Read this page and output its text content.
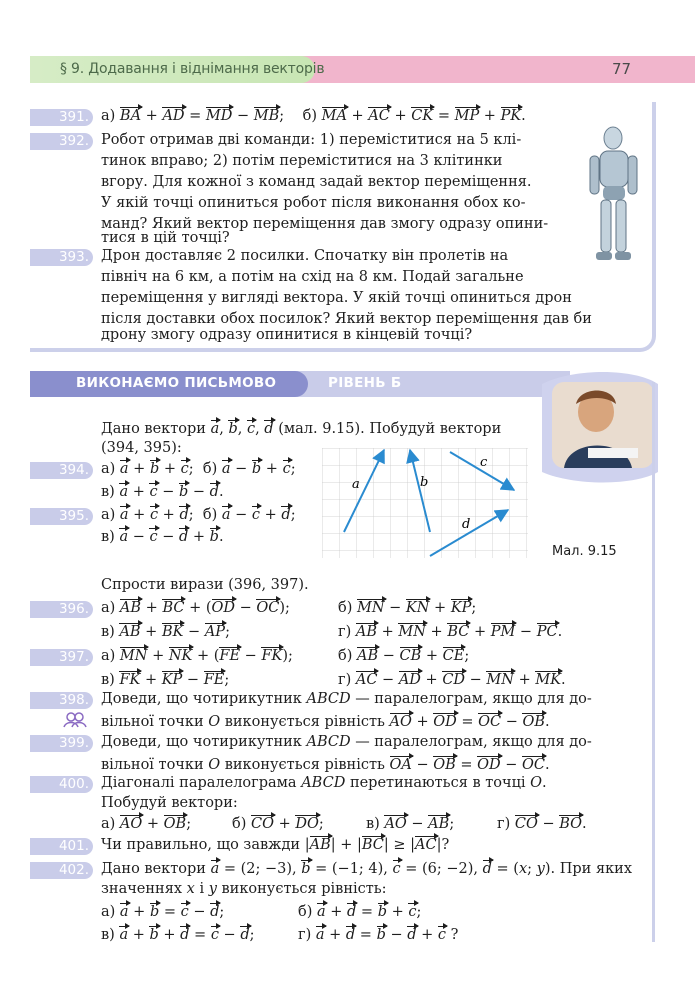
§ 9. Додавання і віднімання векторів	77
391. а) BA + AD = MD − MB;    б) MA + AC + CK = MP + PK.
392. Робот отримав дві команди: 1) переміститися на 5 клі-
тинок вправо; 2) потім переміститися на 3 клітинки
вгору. Для кожної з команд задай вектор переміщення.
У якій точці опиниться робот після виконання обох ко-
манд? Який вектор переміщення дав змогу одразу опини-
тися в цій точці?
393. Дрон доставляє 2 посилки. Спочатку він пролетів на
північ на 6 км, а потім на схід на 8 км. Подай загальне
переміщення у вигляді вектора. У якій точці опиниться дрон
після доставки обох посилок? Який вектор переміщення дав би
дрону змогу одразу опинитися в кінцевій точці?
ВИКОНАЄМО ПИСЬМОВО	РІВЕНЬ Б
Дано вектори a, b, c, d (мал. 9.15). Побудуй вектори
(394, 395):
a	b
c
d
Мал. 9.15
394. а) a + b + c;  б) a − b + c;
в) a + c − b − d.
395. а) a + c + d;  б) a − c + d;
в) a − c − d + b.
Спрости вирази (396, 397).
396. а) AB + BC + (OD − OC);	б) MN − KN + KP;
в) AB + BK − AP;	г) AB + MN + BC + PM − PC.
397. а) MN + NK + (FE − FK);	б) AB − CB + CE;
в) FK + KP − FE;	г) AC − AD + CD − MN + MK.
398. Доведи, що чотирикутник ABCD — паралелограм, якщо для до-
вільної точки O виконується рівність AO + OD = OC − OB.
399. Доведи, що чотирикутник ABCD — паралелограм, якщо для до-
вільної точки O виконується рівність OA − OB = OD − OC.
400. Діагоналі паралелограма ABCD перетинаються в точці O.
Побудуй вектори:
а) AO + OB;	б) CO + DO;	в) AO − AB;	г) CO − BO.
401. Чи правильно, що завжди |AB| + |BC| ≥ |AC|?
402. Дано вектори a = (2; −3), b = (−1; 4), c = (6; −2), d = (x; y). При яких
значеннях x і y виконується рівність:
а) a + b = c − d;	б) a + d = b + c;
в) a + b + d = c − d;	г) a + d = b − d + c ?
